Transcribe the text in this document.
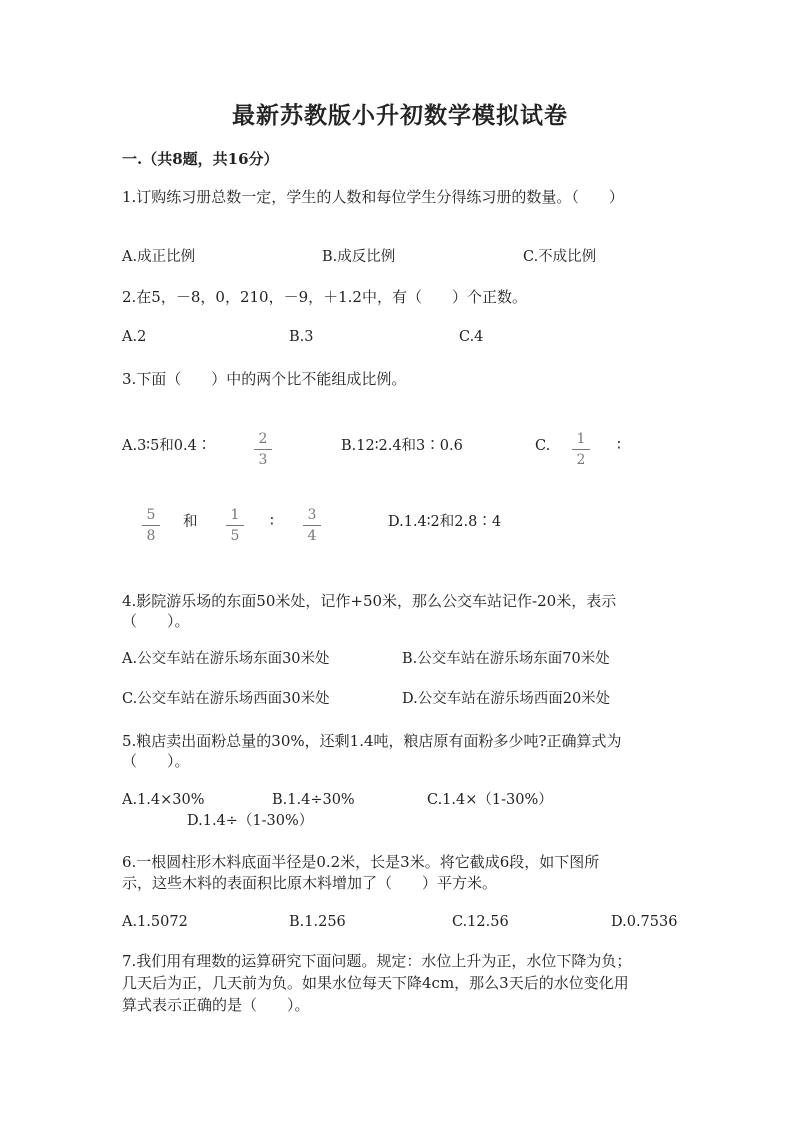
最新苏教版小升初数学模拟试卷
一.（共8题，共16分）
1.订购练习册总数一定，学生的人数和每位学生分得练习册的数量。（　　）
A.成正比例	B.成反比例	C.不成比例
2.在5，－8，0，210，－9，＋1.2中，有（　　）个正数。
A.2	B.3	C.4
3.下面（　　）中的两个比不能组成比例。
A.3∶5和0.4∶	2
3
B.12∶2.4和3∶0.6	C.	1
2
∶
5
8
和	1
5
∶	3
4
D.1.4∶2和2.8∶4
4.影院游乐场的东面50米处，记作+50米，那么公交车站记作-20米，表示
（　　）。
A.公交车站在游乐场东面30米处	B.公交车站在游乐场东面70米处
C.公交车站在游乐场西面30米处	D.公交车站在游乐场西面20米处
5.粮店卖出面粉总量的30%，还剩1.4吨，粮店原有面粉多少吨?正确算式为
（　　）。
A.1.4×30%	B.1.4÷30%	C.1.4×（1-30%）
D.1.4÷（1-30%）
6.一根圆柱形木料底面半径是0.2米，长是3米。将它截成6段，如下图所
示，这些木料的表面积比原木料增加了（　　）平方米。
A.1.5072	B.1.256	C.12.56	D.0.7536
7.我们用有理数的运算研究下面问题。规定：水位上升为正，水位下降为负；
几天后为正，几天前为负。如果水位每天下降4cm，那么3天后的水位变化用
算式表示正确的是（　　）。
